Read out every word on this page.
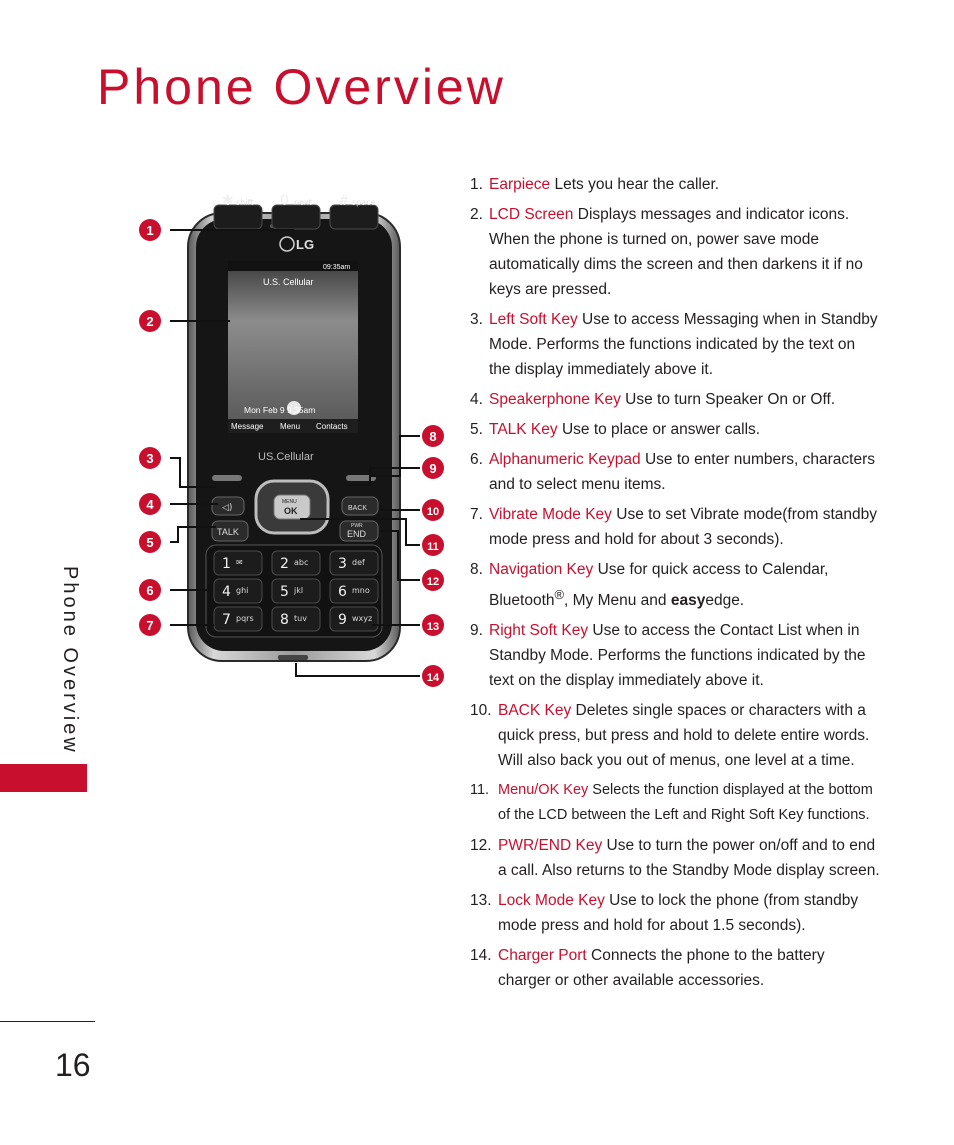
Phone Overview
Phone Overview
16
LG
09:35am
U.S. Cellular
Mon Feb 9 9:35am
Message Menu Contacts
US.Cellular
◁)	BACK
TALK
PWR
END
MENU
OK
1 ✉	2 abc 3 def
4 ghi 5 jkl 6 mno
7 pqrs 8 tuv 9 wxyz
✱ shift 0 next # space
1
2
3
4
5
6
7
8
9
10
11
12
13
14
1. Earpiece Lets you hear the caller.
2. LCD Screen Displays messages and indicator icons. When the phone is turned on, power save mode automatically dims the screen and then darkens it if no keys are pressed.
3. Left Soft Key Use to access Messaging when in Standby Mode. Performs the functions indicated by the text on the display immediately above it.
4. Speakerphone Key Use to turn Speaker On or Off.
5. TALK Key Use to place or answer calls.
6. Alphanumeric Keypad Use to enter numbers, characters and to select menu items.
7. Vibrate Mode Key Use to set Vibrate mode(from standby mode press and hold for about 3 seconds).
8. Navigation Key Use for quick access to Calendar, Bluetooth®, My Menu and easyedge.
9. Right Soft Key Use to access the Contact List when in Standby Mode. Performs the functions indicated by the text on the display immediately above it.
10. BACK Key Deletes single spaces or characters with a quick press, but press and hold to delete entire words. Will also back you out of menus, one level at a time.
11. Menu/OK Key Selects the function displayed at the bottom of the LCD between the Left and Right Soft Key functions.
12. PWR/END Key Use to turn the power on/off and to end a call. Also returns to the Standby Mode display screen.
13. Lock Mode Key Use to lock the phone (from standby mode press and hold for about 1.5 seconds).
14. Charger Port Connects the phone to the battery charger or other available accessories.
